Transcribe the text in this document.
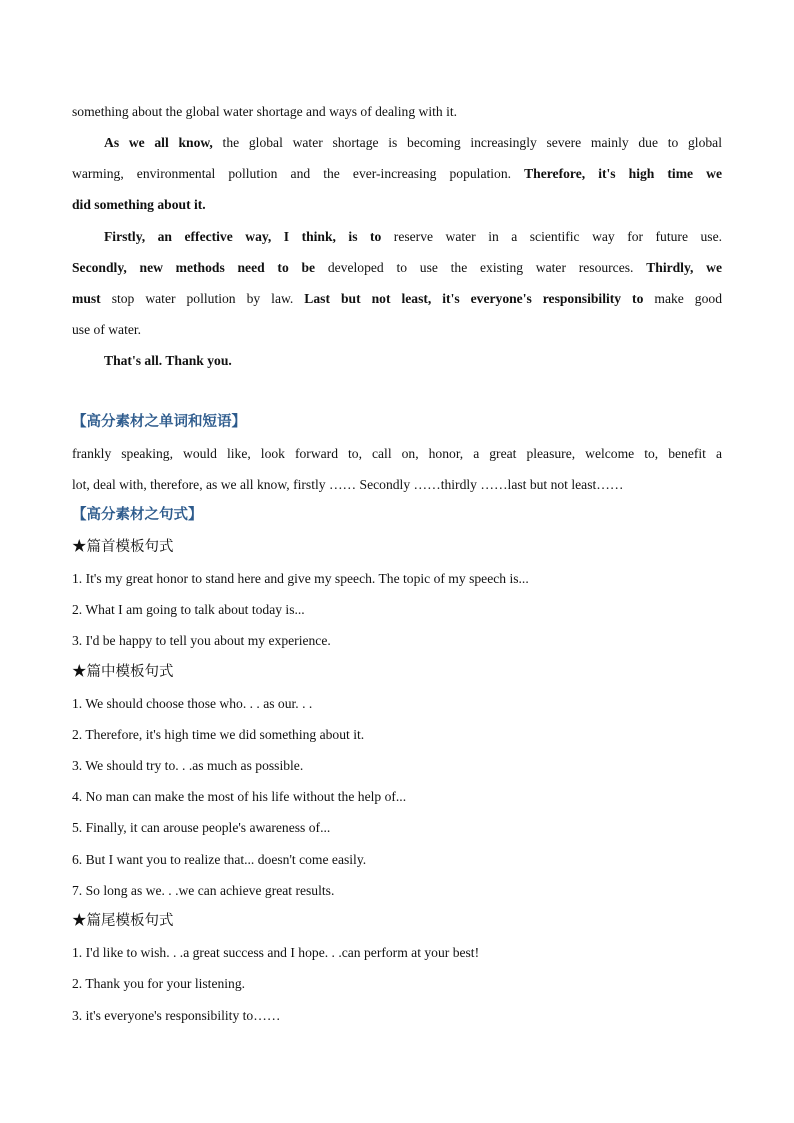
something about the global water shortage and ways of dealing with it.
As we all know, the global water shortage is becoming increasingly severe mainly due to global
warming, environmental pollution and the ever-increasing population. Therefore, it's high time we
did something about it.
Firstly, an effective way, I think, is to reserve water in a scientific way for future use.
Secondly, new methods need to be developed to use the existing water resources. Thirdly, we
must stop water pollution by law. Last but not least, it's everyone's responsibility to make good
use of water.
That's all. Thank you.
【高分素材之单词和短语】
frankly speaking, would like, look forward to, call on, honor, a great pleasure, welcome to, benefit a
lot, deal with, therefore, as we all know, firstly …… Secondly ……thirdly ……last but not least……
【高分素材之句式】
★篇首模板句式
1. It's my great honor to stand here and give my speech. The topic of my speech is...
2. What I am going to talk about today is...
3. I'd be happy to tell you about my experience.
★篇中模板句式
1. We should choose those who. . . as our. . .
2. Therefore, it's high time we did something about it.
3. We should try to. . .as much as possible.
4. No man can make the most of his life without the help of...
5. Finally, it can arouse people's awareness of...
6. But I want you to realize that... doesn't come easily.
7. So long as we. . .we can achieve great results.
★篇尾模板句式
1. I'd like to wish. . .a great success and I hope. . .can perform at your best!
2. Thank you for your listening.
3. it's everyone's responsibility to……
